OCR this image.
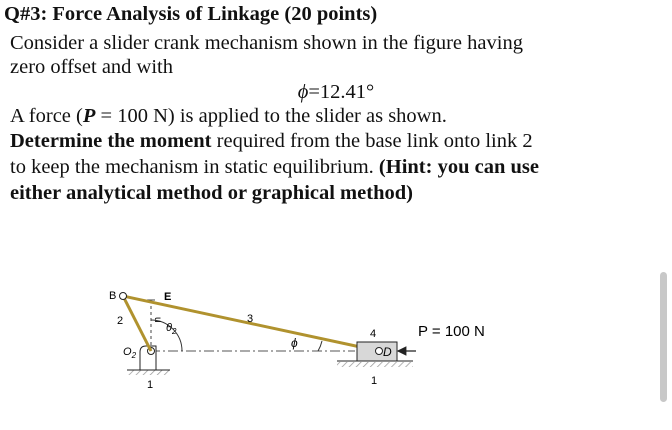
Q#3: Force Analysis of Linkage (20 points)
Consider a slider crank mechanism shown in the figure having
zero offset and with
ϕ=12.41°
A force (P = 100 N) is applied to the slider as shown.
Determine the moment required from the base link onto link 2
to keep the mechanism in static equilibrium. (Hint: you can use
either analytical method or graphical method)
B	E
2	u
$\theta_2$
$O_2$
1
3
ϕ
4
D
1
P = 100 N
